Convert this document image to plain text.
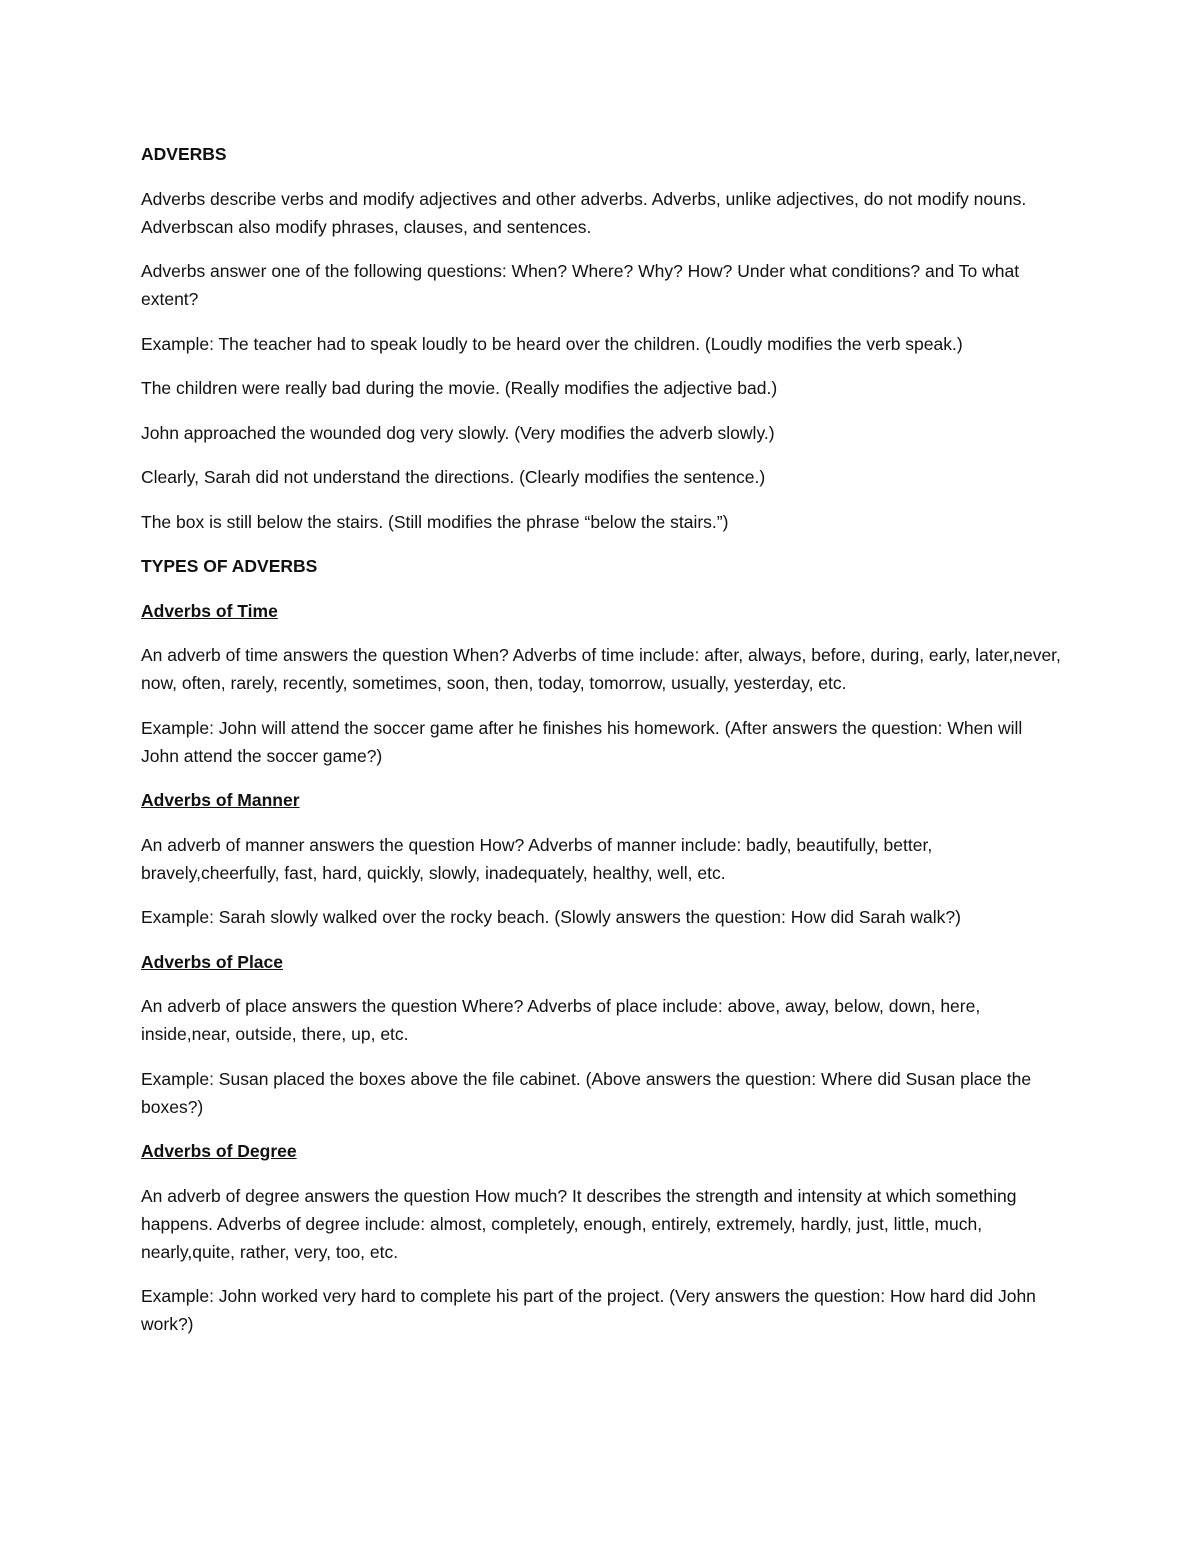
ADVERBS

Adverbs describe verbs and modify adjectives and other adverbs. Adverbs, unlike adjectives, do not modify nouns. Adverbscan also modify phrases, clauses, and sentences.

Adverbs answer one of the following questions: When? Where? Why? How? Under what conditions? and To what extent?

Example: The teacher had to speak loudly to be heard over the children. (Loudly modifies the verb speak.)

The children were really bad during the movie. (Really modifies the adjective bad.)

John approached the wounded dog very slowly. (Very modifies the adverb slowly.)

Clearly, Sarah did not understand the directions. (Clearly modifies the sentence.)

The box is still below the stairs. (Still modifies the phrase “below the stairs.”)

TYPES OF ADVERBS

Adverbs of Time

An adverb of time answers the question When? Adverbs of time include: after, always, before, during, early, later,never, now, often, rarely, recently, sometimes, soon, then, today, tomorrow, usually, yesterday, etc.

Example: John will attend the soccer game after he finishes his homework. (After answers the question: When will John attend the soccer game?)

Adverbs of Manner

An adverb of manner answers the question How? Adverbs of manner include: badly, beautifully, better, bravely,cheerfully, fast, hard, quickly, slowly, inadequately, healthy, well, etc.

Example: Sarah slowly walked over the rocky beach. (Slowly answers the question: How did Sarah walk?)

Adverbs of Place

An adverb of place answers the question Where? Adverbs of place include: above, away, below, down, here, inside,near, outside, there, up, etc.

Example: Susan placed the boxes above the file cabinet. (Above answers the question: Where did Susan place the boxes?)

Adverbs of Degree

An adverb of degree answers the question How much? It describes the strength and intensity at which something happens. Adverbs of degree include: almost, completely, enough, entirely, extremely, hardly, just, little, much, nearly,quite, rather, very, too, etc.

Example: John worked very hard to complete his part of the project. (Very answers the question: How hard did John work?)
